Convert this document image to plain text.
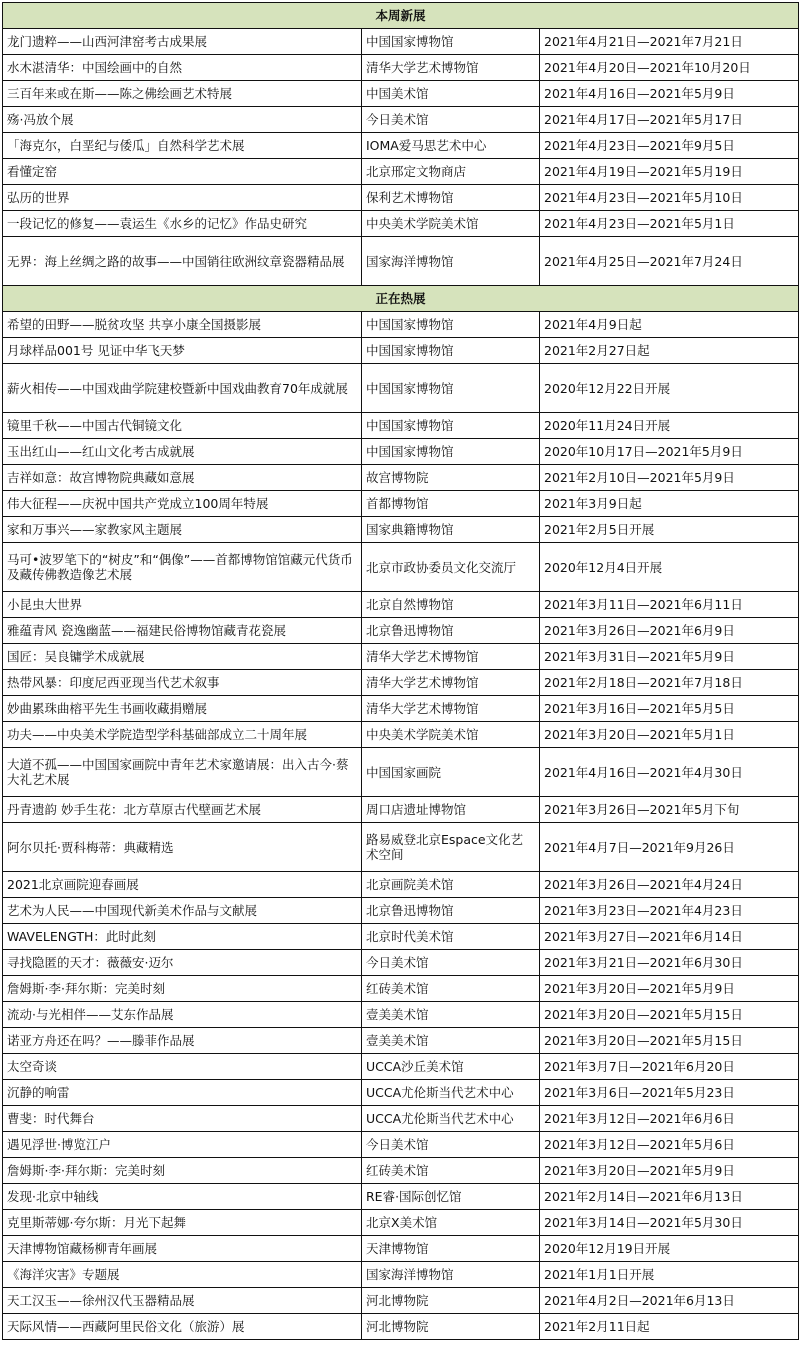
本周新展		
龙门遗粹——山西河津窑考古成果展	中国国家博物馆	2021年4月21日—2021年7月21日
水木湛清华：中国绘画中的自然	清华大学艺术博物馆	2021年4月20日—2021年10月20日
三百年来或在斯——陈之佛绘画艺术特展	中国美术馆	2021年4月16日—2021年5月9日
殇·冯放个展	今日美术馆	2021年4月17日—2021年5月17日
「海克尔，白垩纪与倭瓜」自然科学艺术展	IOMA爱马思艺术中心	2021年4月23日—2021年9月5日
看懂定窑	北京邢定文物商店	2021年4月19日—2021年5月19日
弘历的世界	保利艺术博物馆	2021年4月23日—2021年5月10日
一段记忆的修复——袁运生《水乡的记忆》作品史研究	中央美术学院美术馆	2021年4月23日—2021年5月1日
无界：海上丝绸之路的故事——中国销往欧洲纹章瓷器精品展	国家海洋博物馆	2021年4月25日—2021年7月24日
正在热展		
希望的田野——脱贫攻坚 共享小康全国摄影展	中国国家博物馆	2021年4月9日起
月球样品001号 见证中华飞天梦	中国国家博物馆	2021年2月27日起
薪火相传——中国戏曲学院建校暨新中国戏曲教育70年成就展	中国国家博物馆	2020年12月22日开展
镜里千秋——中国古代铜镜文化	中国国家博物馆	2020年11月24日开展
玉出红山——红山文化考古成就展	中国国家博物馆	2020年10月17日—2021年5月9日
吉祥如意：故宫博物院典藏如意展	故宫博物院	2021年2月10日—2021年5月9日
伟大征程——庆祝中国共产党成立100周年特展	首都博物馆	2021年3月9日起
家和万事兴——家教家风主题展	国家典籍博物馆	2021年2月5日开展
马可•波罗笔下的“树皮”和“偶像”——首都博物馆馆藏元代货币及藏传佛教造像艺术展	北京市政协委员文化交流厅	2020年12月4日开展
小昆虫大世界	北京自然博物馆	2021年3月11日—2021年6月11日
雅蕴青风 瓷逸幽蓝——福建民俗博物馆藏青花瓷展	北京鲁迅博物馆	2021年3月26日—2021年6月9日
国匠：吴良镛学术成就展	清华大学艺术博物馆	2021年3月31日—2021年5月9日
热带风暴：印度尼西亚现当代艺术叙事	清华大学艺术博物馆	2021年2月18日—2021年7月18日
妙曲累珠曲榕平先生书画收藏捐赠展	清华大学艺术博物馆	2021年3月16日—2021年5月5日
功夫——中央美术学院造型学科基础部成立二十周年展	中央美术学院美术馆	2021年3月20日—2021年5月1日
大道不孤——中国国家画院中青年艺术家邀请展：出入古今·蔡大礼艺术展	中国国家画院	2021年4月16日—2021年4月30日
丹青遗韵 妙手生花：北方草原古代壁画艺术展	周口店遗址博物馆	2021年3月26日—2021年5月下旬
阿尔贝托·贾科梅蒂：典藏精选	路易威登北京Espace文化艺术空间	2021年4月7日—2021年9月26日
2021北京画院迎春画展	北京画院美术馆	2021年3月26日—2021年4月24日
艺术为人民——中国现代新美术作品与文献展	北京鲁迅博物馆	2021年3月23日—2021年4月23日
WAVELENGTH：此时此刻	北京时代美术馆	2021年3月27日—2021年6月14日
寻找隐匿的天才：薇薇安·迈尔	今日美术馆	2021年3月21日—2021年6月30日
詹姆斯·李·拜尔斯：完美时刻	红砖美术馆	2021年3月20日—2021年5月9日
流动·与光相伴——艾东作品展	壹美美术馆	2021年3月20日—2021年5月15日
诺亚方舟还在吗？——滕菲作品展	壹美美术馆	2021年3月20日—2021年5月15日
太空奇谈	UCCA沙丘美术馆	2021年3月7日—2021年6月20日
沉静的响雷	UCCA尤伦斯当代艺术中心	2021年3月6日—2021年5月23日
曹斐：时代舞台	UCCA尤伦斯当代艺术中心	2021年3月12日—2021年6月6日
遇见浮世·博览江户	今日美术馆	2021年3月12日—2021年5月6日
詹姆斯·李·拜尔斯：完美时刻	红砖美术馆	2021年3月20日—2021年5月9日
发现·北京中轴线	RE睿·国际创忆馆	2021年2月14日—2021年6月13日
克里斯蒂娜·夸尔斯：月光下起舞	北京X美术馆	2021年3月14日—2021年5月30日
天津博物馆藏杨柳青年画展	天津博物馆	2020年12月19日开展
《海洋灾害》专题展	国家海洋博物馆	2021年1月1日开展
天工汉玉——徐州汉代玉器精品展	河北博物院	2021年4月2日—2021年6月13日
天际风情——西藏阿里民俗文化（旅游）展	河北博物院	2021年2月11日起
